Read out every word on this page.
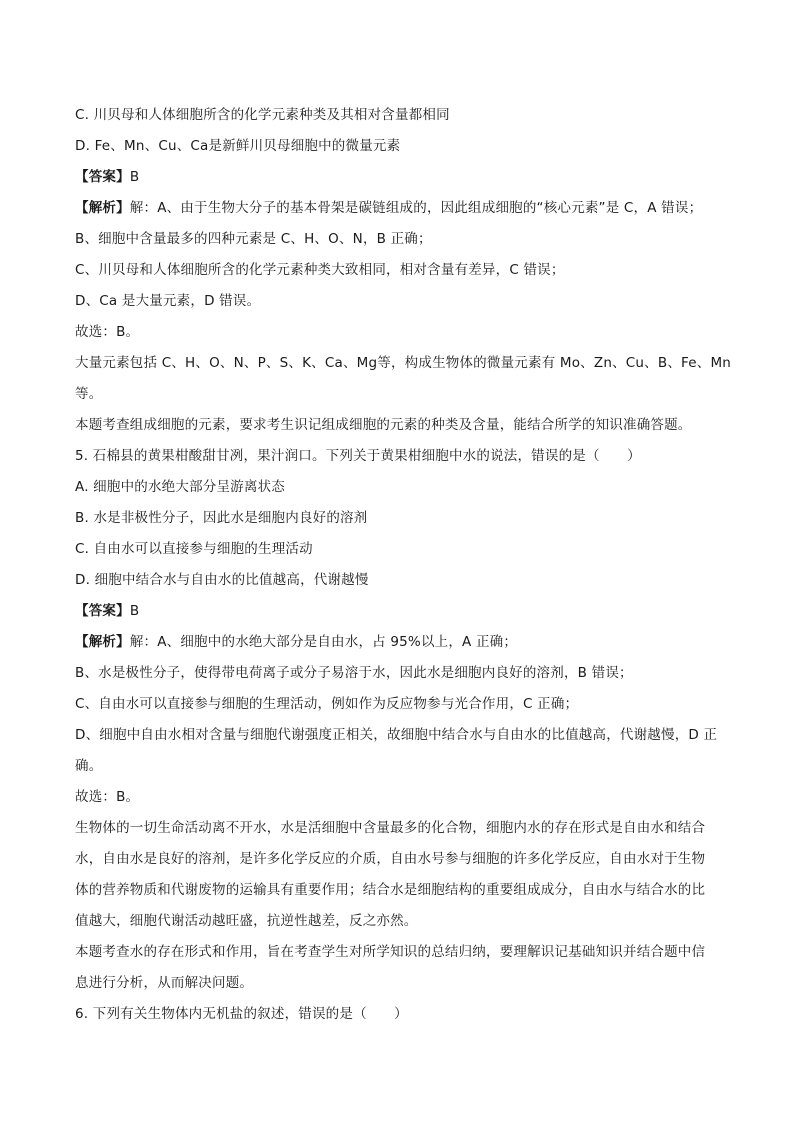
C. 川贝母和人体细胞所含的化学元素种类及其相对含量都相同
D. Fe、Mn、Cu、Ca是新鲜川贝母细胞中的微量元素
【答案】B
【解析】解：A、由于生物大分子的基本骨架是碳链组成的，因此组成细胞的“核心元素”是 C，A 错误；
B、细胞中含量最多的四种元素是 C、H、O、N，B 正确；
C、川贝母和人体细胞所含的化学元素种类大致相同，相对含量有差异，C 错误；
D、Ca 是大量元素，D 错误。
故选：B。
大量元素包括 C、H、O、N、P、S、K、Ca、Mg等，构成生物体的微量元素有 Mo、Zn、Cu、B、Fe、Mn
等。
本题考查组成细胞的元素，要求考生识记组成细胞的元素的种类及含量，能结合所学的知识准确答题。
5. 石棉县的黄果柑酸甜甘冽，果汁润口。下列关于黄果柑细胞中水的说法，错误的是（　　）
A. 细胞中的水绝大部分呈游离状态
B. 水是非极性分子，因此水是细胞内良好的溶剂
C. 自由水可以直接参与细胞的生理活动
D. 细胞中结合水与自由水的比值越高，代谢越慢
【答案】B
【解析】解：A、细胞中的水绝大部分是自由水，占 95%以上，A 正确；
B、水是极性分子，使得带电荷离子或分子易溶于水，因此水是细胞内良好的溶剂，B 错误；
C、自由水可以直接参与细胞的生理活动，例如作为反应物参与光合作用，C 正确；
D、细胞中自由水相对含量与细胞代谢强度正相关，故细胞中结合水与自由水的比值越高，代谢越慢，D 正
确。
故选：B。
生物体的一切生命活动离不开水，水是活细胞中含量最多的化合物，细胞内水的存在形式是自由水和结合
水，自由水是良好的溶剂，是许多化学反应的介质，自由水号参与细胞的许多化学反应，自由水对于生物
体的营养物质和代谢废物的运输具有重要作用；结合水是细胞结构的重要组成成分，自由水与结合水的比
值越大，细胞代谢活动越旺盛，抗逆性越差，反之亦然。
本题考查水的存在形式和作用，旨在考查学生对所学知识的总结归纳，要理解识记基础知识并结合题中信
息进行分析，从而解决问题。
6. 下列有关生物体内无机盐的叙述，错误的是（　　）
